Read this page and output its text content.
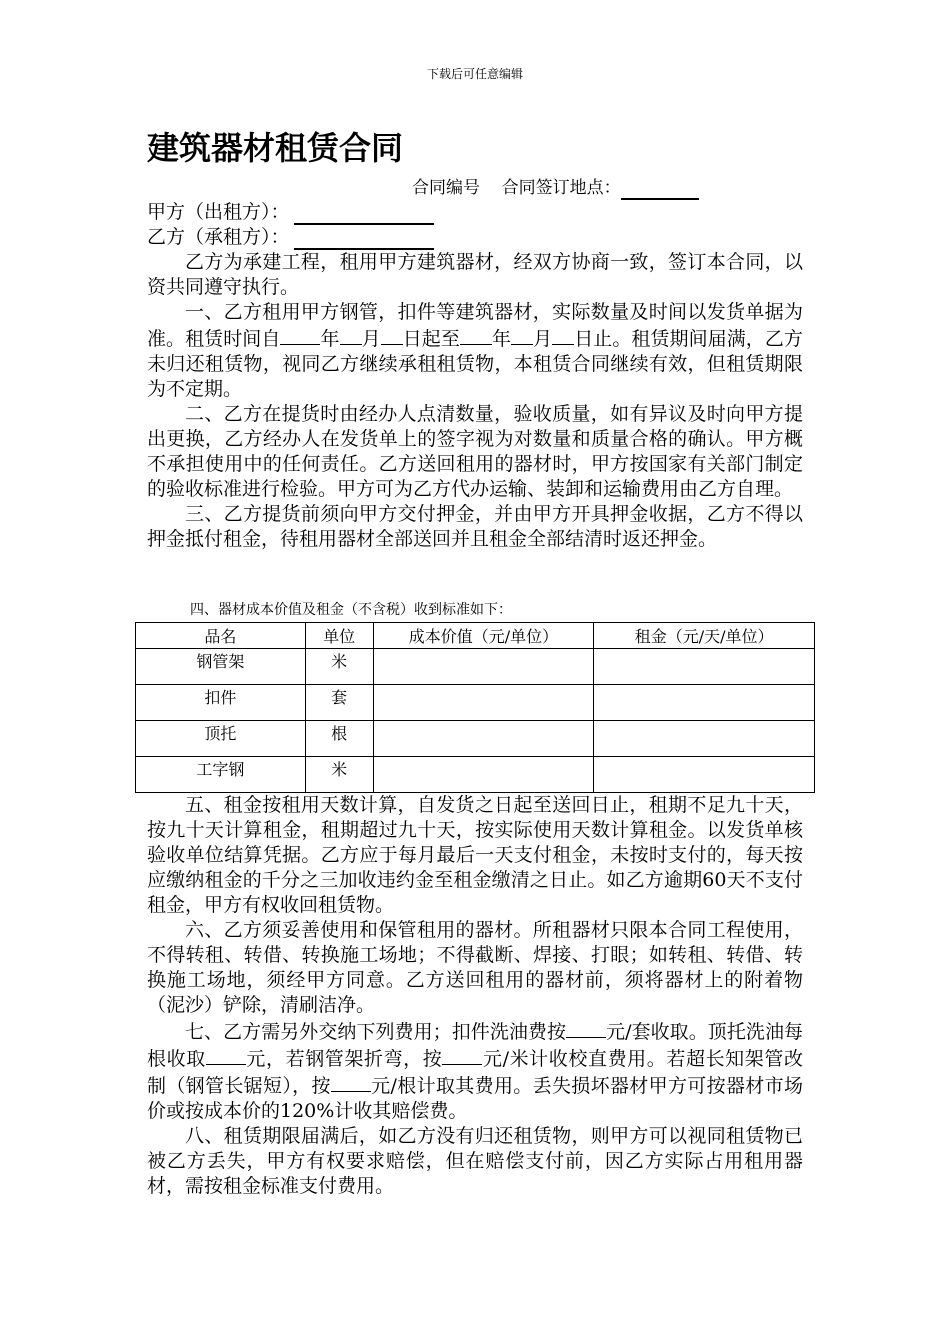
下载后可任意编辑
建筑器材租赁合同
合同编号 合同签订地点：
甲方（出租方）：
乙方（承租方）：

乙方为承建工程，租用甲方建筑器材，经双方协商一致，签订本合同，以资共同遵守执行。

一、乙方租用甲方钢管，扣件等建筑器材，实际数量及时间以发货单据为准。租赁时间自 年 月 日起至 年 月 日止。租赁期间届满，乙方未归还租赁物，视同乙方继续承租租赁物，本租赁合同继续有效，但租赁期限为不定期。

二、乙方在提货时由经办人点清数量，验收质量，如有异议及时向甲方提出更换，乙方经办人在发货单上的签字视为对数量和质量合格的确认。甲方概不承担使用中的任何责任。乙方送回租用的器材时，甲方按国家有关部门制定的验收标准进行检验。甲方可为乙方代办运输、装卸和运输费用由乙方自理。

三、乙方提货前须向甲方交付押金，并由甲方开具押金收据，乙方不得以押金抵付租金，待租用器材全部送回并且租金全部结清时返还押金。

四、器材成本价值及租金（不含税）收到标准如下：
品名	单位	成本价值（元/单位）	租金（元/天/单位）
钢管架	米		
扣件	套		
顶托	根		
工字钢	米		

五、租金按租用天数计算，自发货之日起至送回日止，租期不足九十天，按九十天计算租金，租期超过九十天，按实际使用天数计算租金。以发货单核验收单位结算凭据。乙方应于每月最后一天支付租金，未按时支付的，每天按应缴纳租金的千分之三加收违约金至租金缴清之日止。如乙方逾期60天不支付租金，甲方有权收回租赁物。

六、乙方须妥善使用和保管租用的器材。所租器材只限本合同工程使用，不得转租、转借、转换施工场地；不得截断、焊接、打眼；如转租、转借、转换施工场地，须经甲方同意。乙方送回租用的器材前，须将器材上的附着物（泥沙）铲除，清刷洁净。

七、乙方需另外交纳下列费用；扣件洗油费按 元/套收取。顶托洗油每根收取 元，若钢管架折弯，按 元/米计收校直费用。若超长知架管改制（钢管长锯短），按 元/根计取其费用。丢失损坏器材甲方可按器材市场价或按成本价的120%计收其赔偿费。

八、租赁期限届满后，如乙方没有归还租赁物，则甲方可以视同租赁物已被乙方丢失，甲方有权要求赔偿，但在赔偿支付前，因乙方实际占用租用器材，需按租金标准支付费用。
